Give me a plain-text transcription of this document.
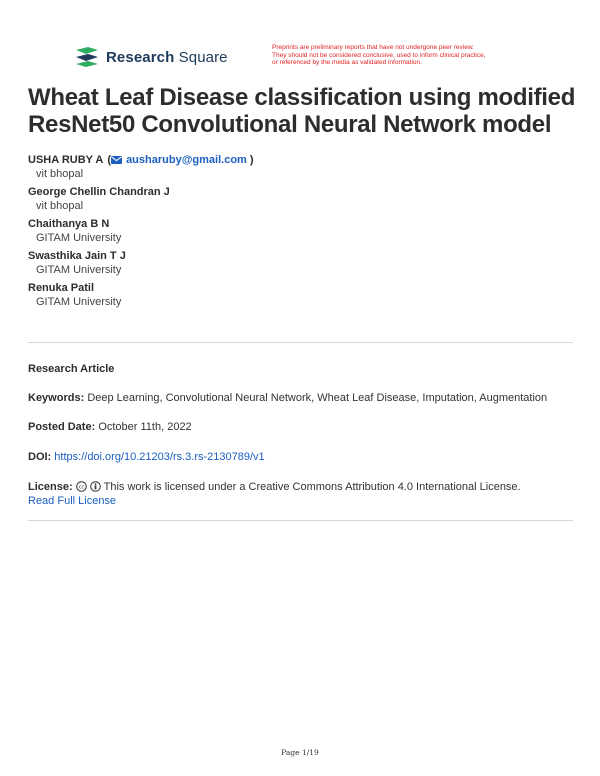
Research Square
Preprints are preliminary reports that have not undergone peer review.
They should not be considered conclusive, used to inform clinical practice,
or referenced by the media as validated information.
Wheat Leaf Disease classification using modified ResNet50 Convolutional Neural Network model
USHA RUBY A ( ausharuby@gmail.com )
vit bhopal
George Chellin Chandran J
vit bhopal
Chaithanya B N
GITAM University
Swasthika Jain T J
GITAM University
Renuka Patil
GITAM University
Research Article
Keywords: Deep Learning, Convolutional Neural Network, Wheat Leaf Disease, Imputation, Augmentation
Posted Date: October 11th, 2022
DOI: https://doi.org/10.21203/rs.3.rs-2130789/v1
License: cc This work is licensed under a Creative Commons Attribution 4.0 International License.
Read Full License
Page 1/19
